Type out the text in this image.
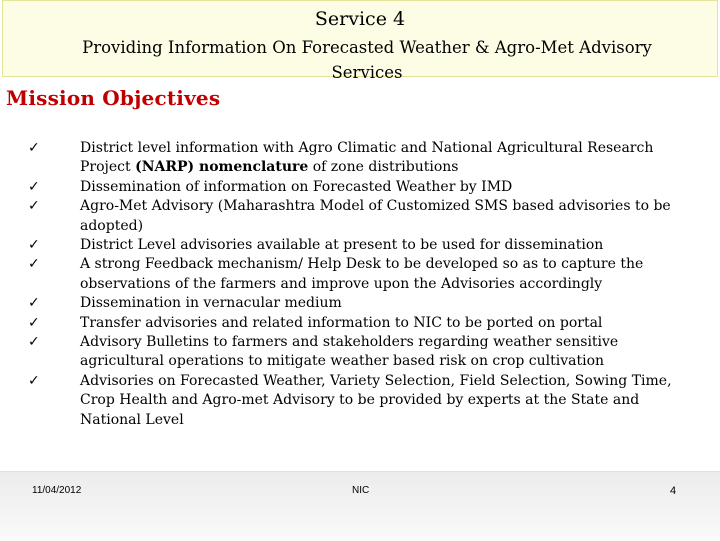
Service 4
Providing Information On Forecasted Weather & Agro-Met Advisory
Services
Mission Objectives
✓	District level information with Agro Climatic and National Agricultural Research Project (NARP) nomenclature of zone distributions
✓	Dissemination of information on Forecasted Weather by IMD
✓	Agro-Met Advisory (Maharashtra Model of Customized SMS based advisories to be adopted)
✓	District Level advisories available at present to be used for dissemination
✓	A strong Feedback mechanism/ Help Desk to be developed so as to capture the observations of the farmers and improve upon the Advisories accordingly
✓	Dissemination in vernacular medium
✓	Transfer advisories and related information to NIC to be ported on portal
✓	Advisory Bulletins to farmers and stakeholders regarding weather sensitive agricultural operations to mitigate weather based risk on crop cultivation
✓	Advisories on Forecasted Weather, Variety Selection, Field Selection, Sowing Time, Crop Health and Agro-met Advisory to be provided by experts at the State and National Level
11/04/2012	NIC	4
